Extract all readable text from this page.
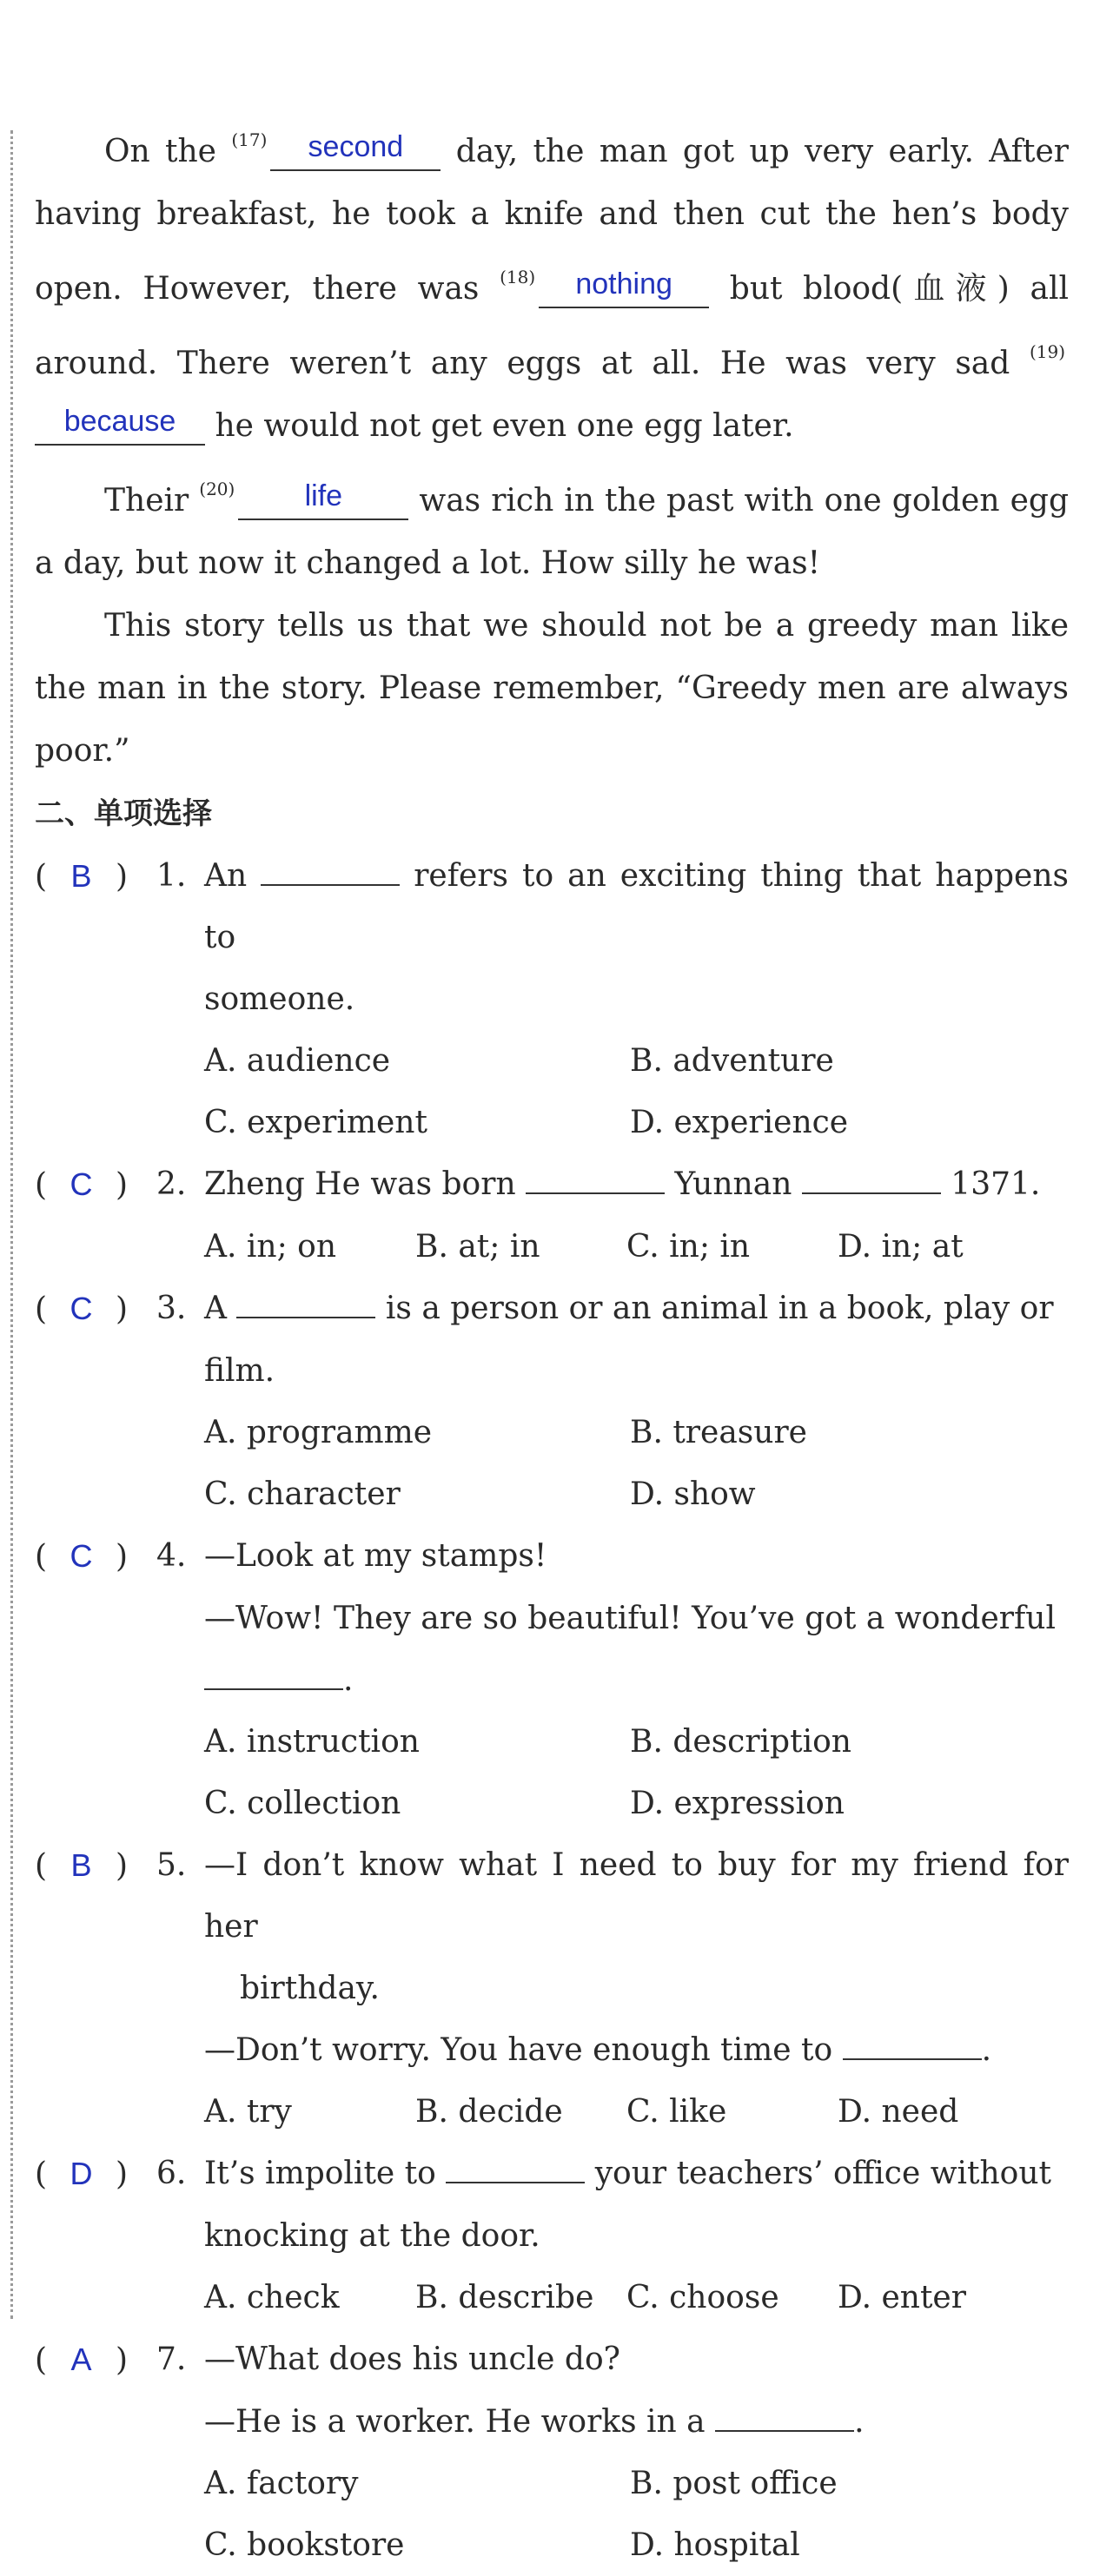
On the $^{(17)}$ second day, the man got up very early. After having breakfast, he took a knife and then cut the hen’s body open. However, there was $^{(18)}$ nothing but blood(血液) all around. There weren’t any eggs at all. He was very sad $^{(19)}$because he would not get even one egg later.

Their $^{(20)}$ life was rich in the past with one golden egg a day, but now it changed a lot. How silly he was!

This story tells us that we should not be a greedy man like the man in the story. Please remember, “Greedy men are always poor.”

二、单项选择

( B ) 1. An	refers to an exciting thing that happens to

someone.

A. audience	B. adventure
C. experiment	D. experience
( C ) 2. Zheng He was born	Yunnan	1371.
A. in; on	B. at; in	C. in; in	D. in; at
( C ) 3. A	is a person or an animal in a book, play or

film.

A. programme	B. treasure
C. character	D. show
( C ) 4. —Look at my stamps!

—Wow! They are so beautiful! You’ve got a wonderful

.

A. instruction	B. description
C. collection	D. expression
( B ) 5. —I don’t know what I need to buy for my friend for her

birthday.

—Don’t worry. You have enough time to	.

A. try	B. decide	C. like	D. need
( D ) 6. It’s impolite to	your teachers’ office without

knocking at the door.

A. check	B. describe	C. choose	D. enter
( A ) 7. —What does his uncle do?

—He is a worker. He works in a	.

A. factory	B. post office
C. bookstore	D. hospital
